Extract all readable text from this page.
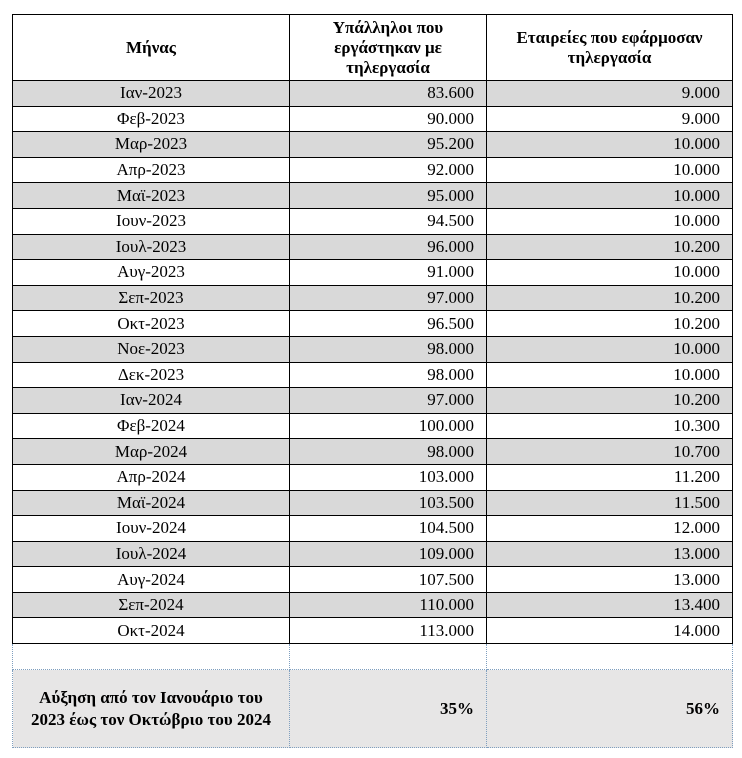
Μήνας	Υπάλληλοι που εργάστηκαν με τηλεργασία	Εταιρείες που εφάρμοσαν τηλεργασία
Ιαν-2023	83.600	9.000
Φεβ-2023	90.000	9.000
Μαρ-2023	95.200	10.000
Απρ-2023	92.000	10.000
Μαϊ-2023	95.000	10.000
Ιουν-2023	94.500	10.000
Ιουλ-2023	96.000	10.200
Αυγ-2023	91.000	10.000
Σεπ-2023	97.000	10.200
Οκτ-2023	96.500	10.200
Νοε-2023	98.000	10.000
Δεκ-2023	98.000	10.000
Ιαν-2024	97.000	10.200
Φεβ-2024	100.000	10.300
Μαρ-2024	98.000	10.700
Απρ-2024	103.000	11.200
Μαϊ-2024	103.500	11.500
Ιουν-2024	104.500	12.000
Ιουλ-2024	109.000	13.000
Αυγ-2024	107.500	13.000
Σεπ-2024	110.000	13.400
Οκτ-2024	113.000	14.000

Αύξηση από τον Ιανουάριο του 2023 έως τον Οκτώβριο του 2024	35%	56%
